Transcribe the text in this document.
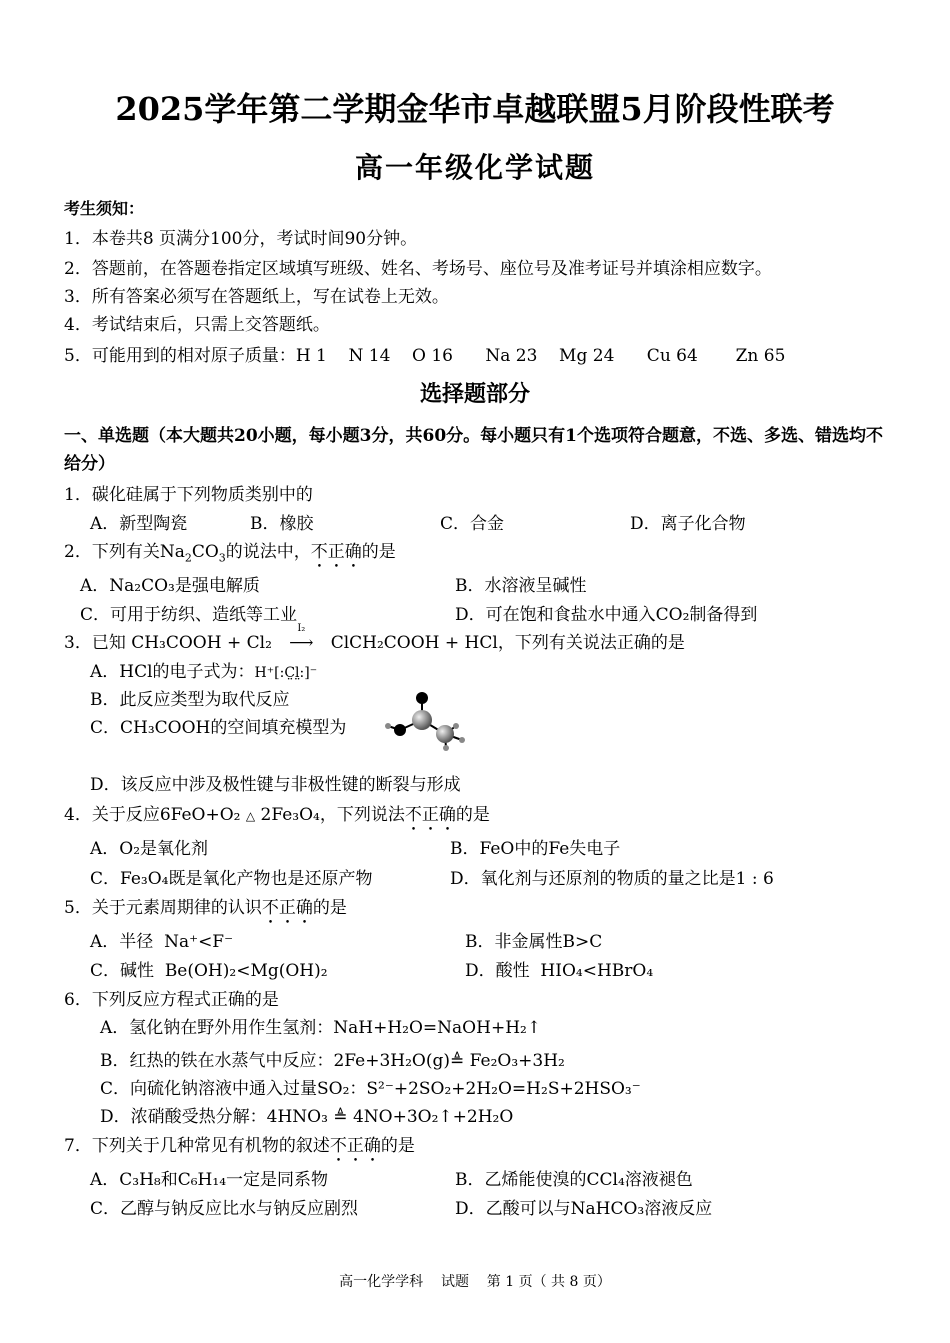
2025学年第二学期金华市卓越联盟5月阶段性联考
高一年级化学试题
考生须知：
1．本卷共8 页满分100分，考试时间90分钟。
2．答题前，在答题卷指定区域填写班级、姓名、考场号、座位号及准考证号并填涂相应数字。
3．所有答案必须写在答题纸上，写在试卷上无效。
4．考试结束后，只需上交答题纸。
5．可能用到的相对原子质量：H 1    N 14    O 16      Na 23    Mg 24      Cu 64       Zn 65
选择题部分
一、单选题（本大题共20小题，每小题3分，共60分。每小题只有1个选项符合题意，不选、多选、错选均不给分）
1．碳化硅属于下列物质类别中的
A．新型陶瓷	B．橡胶	C．合金	D．离子化合物
2．下列有关$Na_2CO_3$的说法中，不正确的是
A．Na₂CO₃是强电解质	B．水溶液呈碱性
C．可用于纺织、造纸等工业	D．可在饱和食盐水中通入CO₂制备得到
3．已知 CH₃COOH + Cl₂
I₂
⟶ ClCH₂COOH + HCl，下列有关说法正确的是
A．HCl的电子式为：H⁺[:C̤l̤:]⁻
B．此反应类型为取代反应
C．CH₃COOH的空间填充模型为
D．该反应中涉及极性键与非极性键的断裂与形成
4．关于反应6FeO+O₂ △ 2Fe₃O₄，下列说法不正确的是
A．O₂是氧化剂	B．FeO中的Fe失电子
C．Fe₃O₄既是氧化产物也是还原产物	D．氧化剂与还原剂的物质的量之比是1 : 6
5．关于元素周期律的认识不正确的是
A．半径  Na⁺<F⁻	B．非金属性B>C
C．碱性  Be(OH)₂<Mg(OH)₂	D．酸性  HIO₄<HBrO₄
6．下列反应方程式正确的是
A．氢化钠在野外用作生氢剂：NaH+H₂O=NaOH+H₂↑
B．红热的铁在水蒸气中反应：2Fe+3H₂O(g)≜ Fe₂O₃+3H₂
C．向硫化钠溶液中通入过量SO₂：S²⁻+2SO₂+2H₂O=H₂S+2HSO₃⁻
D．浓硝酸受热分解：4HNO₃ ≜ 4NO+3O₂↑+2H₂O
7．下列关于几种常见有机物的叙述不正确的是
A．C₃H₈和C₆H₁₄一定是同系物	B．乙烯能使溴的CCl₄溶液褪色
C．乙醇与钠反应比水与钠反应剧烈	D．乙酸可以与NaHCO₃溶液反应
高一化学学科    试题    第 1 页（ 共 8 页）
